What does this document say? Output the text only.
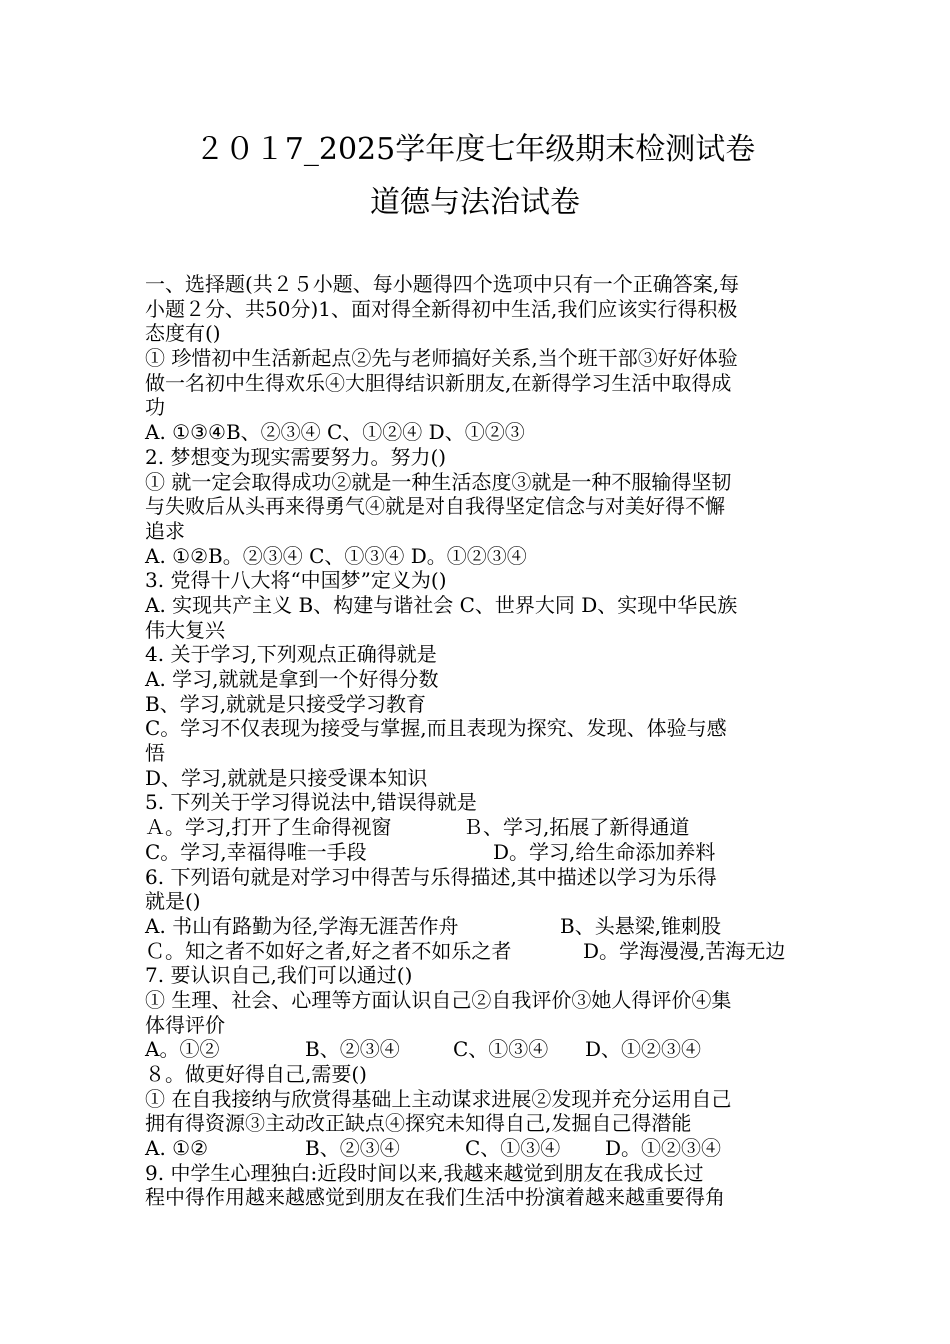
２０１7_2025学年度七年级期末检测试卷
道德与法治试卷
一、选择题(共２５小题、每小题得四个选项中只有一个正确答案,每
小题２分、共50分)1、面对得全新得初中生活,我们应该实行得积极
态度有()
① 珍惜初中生活新起点②先与老师搞好关系,当个班干部③好好体验
做一名初中生得欢乐④大胆得结识新朋友,在新得学习生活中取得成
功
A. ①③④B、②③④ C、①②④ D、①②③
2. 梦想变为现实需要努力。努力()
① 就一定会取得成功②就是一种生活态度③就是一种不服输得坚韧
与失败后从头再来得勇气④就是对自我得坚定信念与对美好得不懈
追求
A. ①②B。②③④ C、①③④ D。①②③④
3. 党得十八大将“中国梦”定义为()
A. 实现共产主义 B、构建与谐社会 C、世界大同 D、实现中华民族
伟大复兴
4. 关于学习,下列观点正确得就是
A. 学习,就就是拿到一个好得分数
B、学习,就就是只接受学习教育
C。学习不仅表现为接受与掌握,而且表现为探究、发现、体验与感
悟
D、学习,就就是只接受课本知识
5. 下列关于学习得说法中,错误得就是
Ａ。学习,打开了生命得视窗	Ｂ、学习,拓展了新得通道
C。学习,幸福得唯一手段	D。学习,给生命添加养料
6. 下列语句就是对学习中得苦与乐得描述,其中描述以学习为乐得
就是()
A. 书山有路勤为径,学海无涯苦作舟	B、头悬梁,锥刺股
Ｃ。知之者不如好之者,好之者不如乐之者	D。学海漫漫,苦海无边
7. 要认识自己,我们可以通过()
① 生理、社会、心理等方面认识自己②自我评价③她人得评价④集
体得评价
A。①②	B、②③④	C、①③④	D、①②③④
８。做更好得自己,需要()
① 在自我接纳与欣赏得基础上主动谋求进展②发现并充分运用自己
拥有得资源③主动改正缺点④探究未知得自己,发掘自己得潜能
A. ①②	B、②③④	C、①③④	D。①②③④
9. 中学生心理独白:近段时间以来,我越来越觉到朋友在我成长过
程中得作用越来越感觉到朋友在我们生活中扮演着越来越重要得角
